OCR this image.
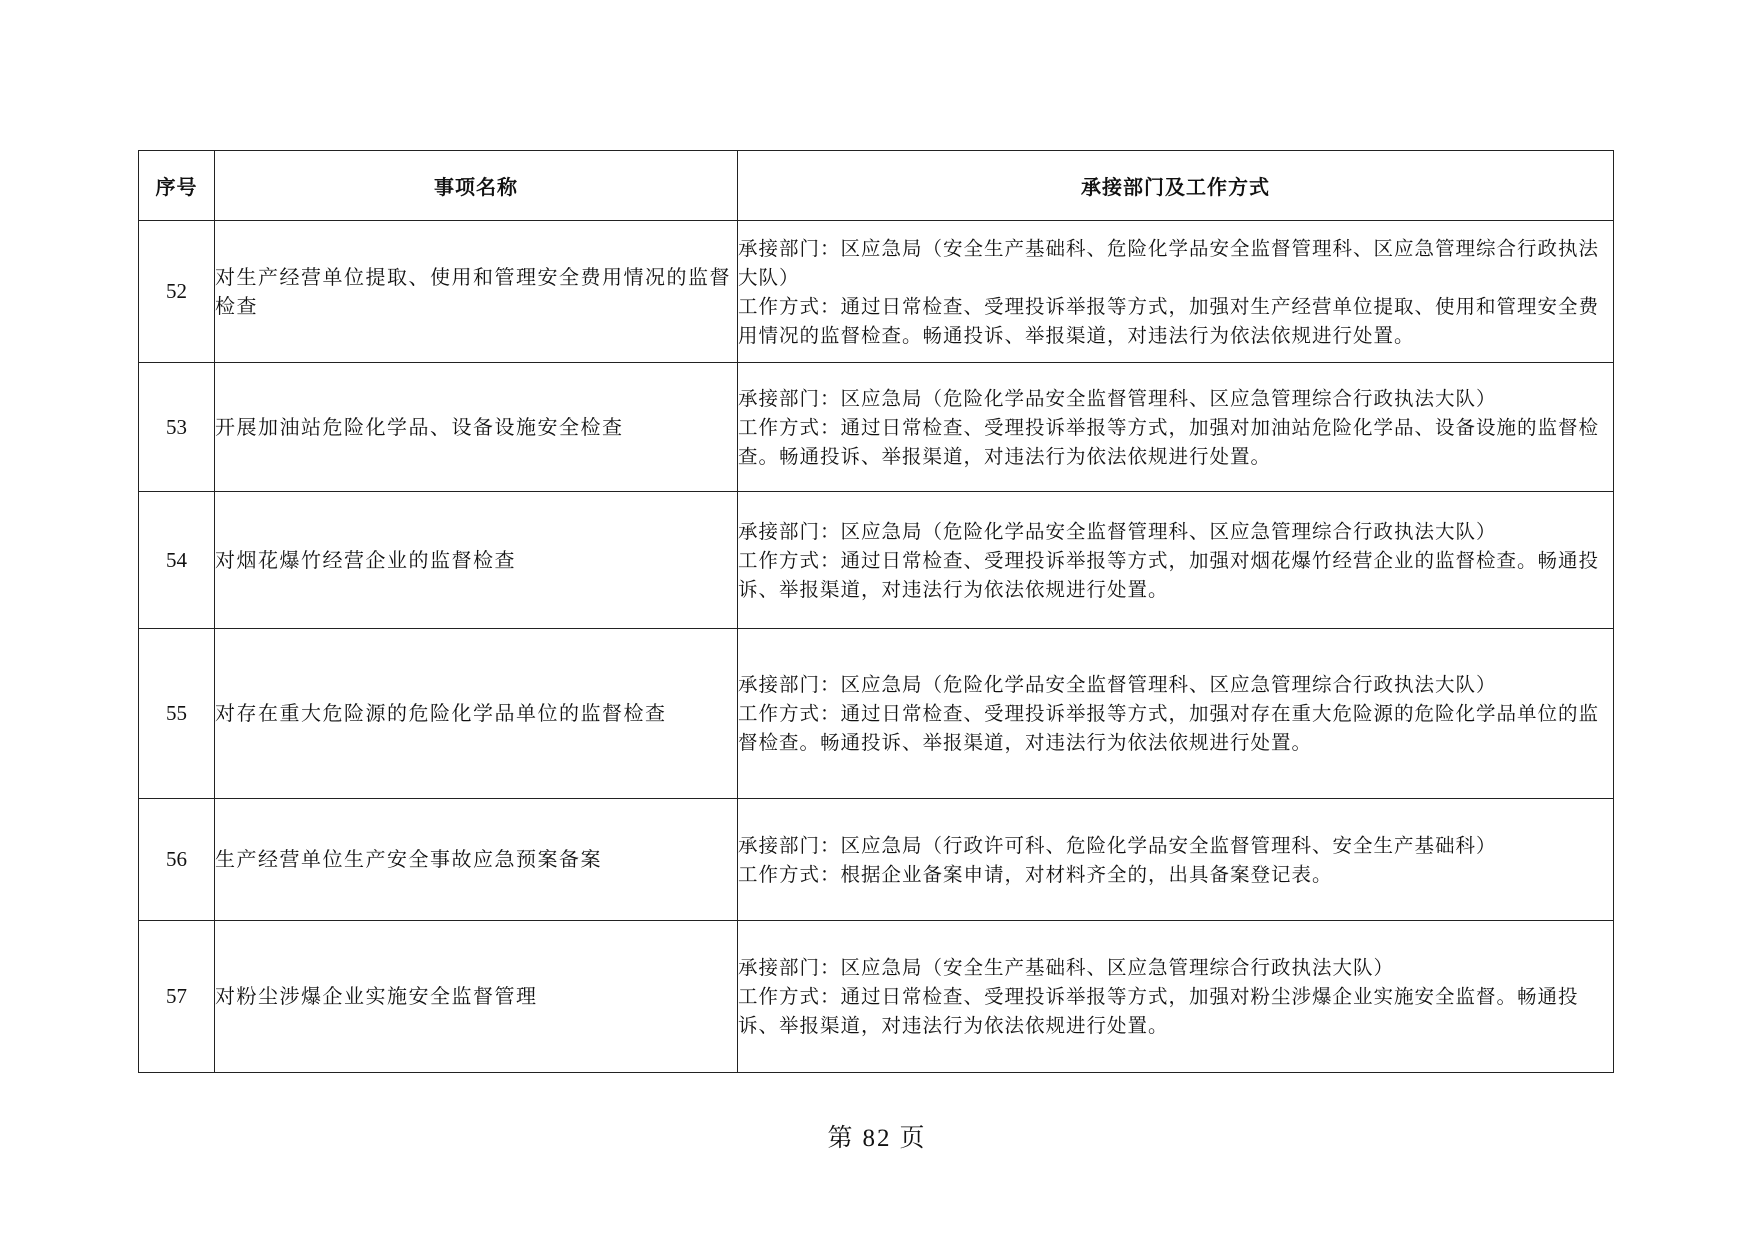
序号	事项名称	承接部门及工作方式
52	对生产经营单位提取、使用和管理安全费用情况的监督检查	承接部门：区应急局（安全生产基础科、危险化学品安全监督管理科、区应急管理综合行政执法大队）
工作方式：通过日常检查、受理投诉举报等方式，加强对生产经营单位提取、使用和管理安全费用情况的监督检查。畅通投诉、举报渠道，对违法行为依法依规进行处置。

53	开展加油站危险化学品、设备设施安全检查	承接部门：区应急局（危险化学品安全监督管理科、区应急管理综合行政执法大队）
工作方式：通过日常检查、受理投诉举报等方式，加强对加油站危险化学品、设备设施的监督检查。畅通投诉、举报渠道，对违法行为依法依规进行处置。

54	对烟花爆竹经营企业的监督检查	承接部门：区应急局（危险化学品安全监督管理科、区应急管理综合行政执法大队）
工作方式：通过日常检查、受理投诉举报等方式，加强对烟花爆竹经营企业的监督检查。畅通投诉、举报渠道，对违法行为依法依规进行处置。

55	对存在重大危险源的危险化学品单位的监督检查	承接部门：区应急局（危险化学品安全监督管理科、区应急管理综合行政执法大队）
工作方式：通过日常检查、受理投诉举报等方式，加强对存在重大危险源的危险化学品单位的监督检查。畅通投诉、举报渠道，对违法行为依法依规进行处置。

56	生产经营单位生产安全事故应急预案备案	承接部门：区应急局（行政许可科、危险化学品安全监督管理科、安全生产基础科）
工作方式：根据企业备案申请，对材料齐全的，出具备案登记表。

57	对粉尘涉爆企业实施安全监督管理	承接部门：区应急局（安全生产基础科、区应急管理综合行政执法大队）
工作方式：通过日常检查、受理投诉举报等方式，加强对粉尘涉爆企业实施安全监督。畅通投诉、举报渠道，对违法行为依法依规进行处置。
第 82 页
